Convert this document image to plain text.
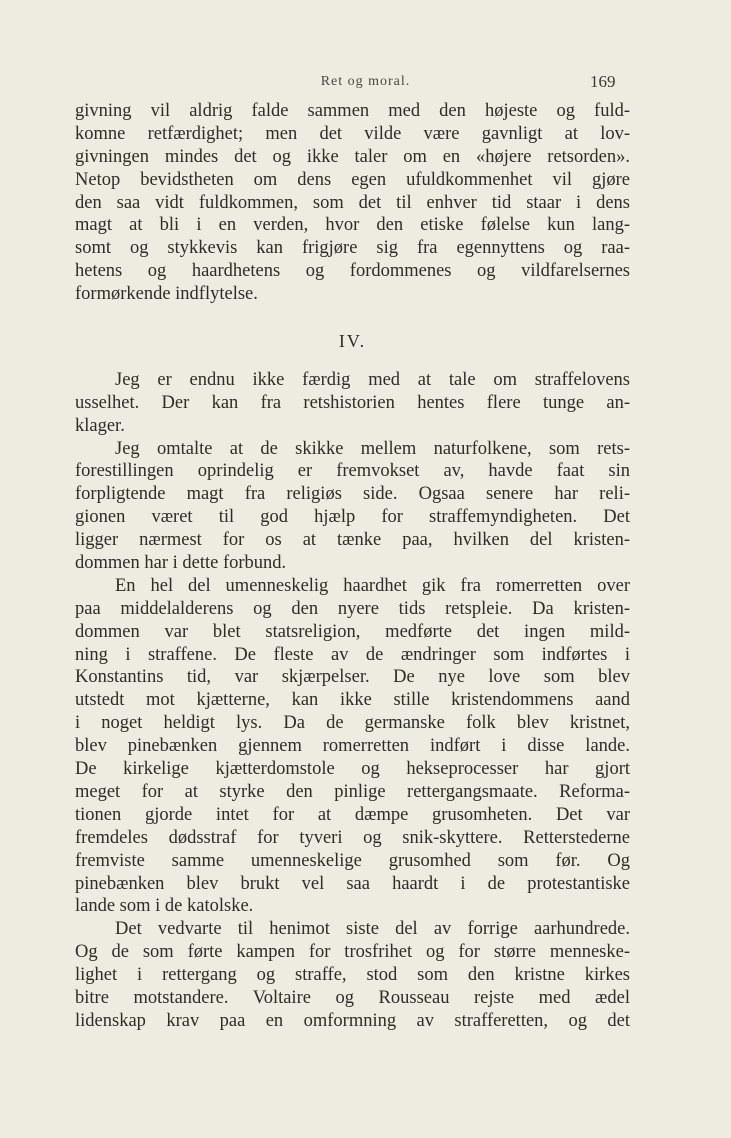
Ret og moral.	169
givning vil aldrig falde sammen med den højeste og fuld-
komne retfærdighet; men det vilde være gavnligt at lov-
givningen mindes det og ikke taler om en «højere retsorden».
Netop bevidstheten om dens egen ufuldkommenhet vil gjøre
den saa vidt fuldkommen, som det til enhver tid staar i dens
magt at bli i en verden, hvor den etiske følelse kun lang-
somt og stykkevis kan frigjøre sig fra egennyttens og raa-
hetens og haardhetens og fordommenes og vildfarelsernes
formørkende indflytelse.
IV.
Jeg er endnu ikke færdig med at tale om straffelovens
usselhet. Der kan fra retshistorien hentes flere tunge an-
klager.
Jeg omtalte at de skikke mellem naturfolkene, som rets-
forestillingen oprindelig er fremvokset av, havde faat sin
forpligtende magt fra religiøs side. Ogsaa senere har reli-
gionen været til god hjælp for straffemyndigheten. Det
ligger nærmest for os at tænke paa, hvilken del kristen-
dommen har i dette forbund.
En hel del umenneskelig haardhet gik fra romerretten over
paa middelalderens og den nyere tids retspleie. Da kristen-
dommen var blet statsreligion, medførte det ingen mild-
ning i straffene. De fleste av de ændringer som indførtes i
Konstantins tid, var skjærpelser. De nye love som blev
utstedt mot kjætterne, kan ikke stille kristendommens aand
i noget heldigt lys. Da de germanske folk blev kristnet,
blev pinebænken gjennem romerretten indført i disse lande.
De kirkelige kjætterdomstole og hekseprocesser har gjort
meget for at styrke den pinlige rettergangsmaate. Reforma-
tionen gjorde intet for at dæmpe grusomheten. Det var
fremdeles dødsstraf for tyveri og snik-skyttere. Retterstederne
fremviste samme umenneskelige grusomhed som før. Og
pinebænken blev brukt vel saa haardt i de protestantiske
lande som i de katolske.
Det vedvarte til henimot siste del av forrige aarhundrede.
Og de som førte kampen for trosfrihet og for større menneske-
lighet i rettergang og straffe, stod som den kristne kirkes
bitre motstandere. Voltaire og Rousseau rejste med ædel
lidenskap krav paa en omformning av strafferetten, og det
